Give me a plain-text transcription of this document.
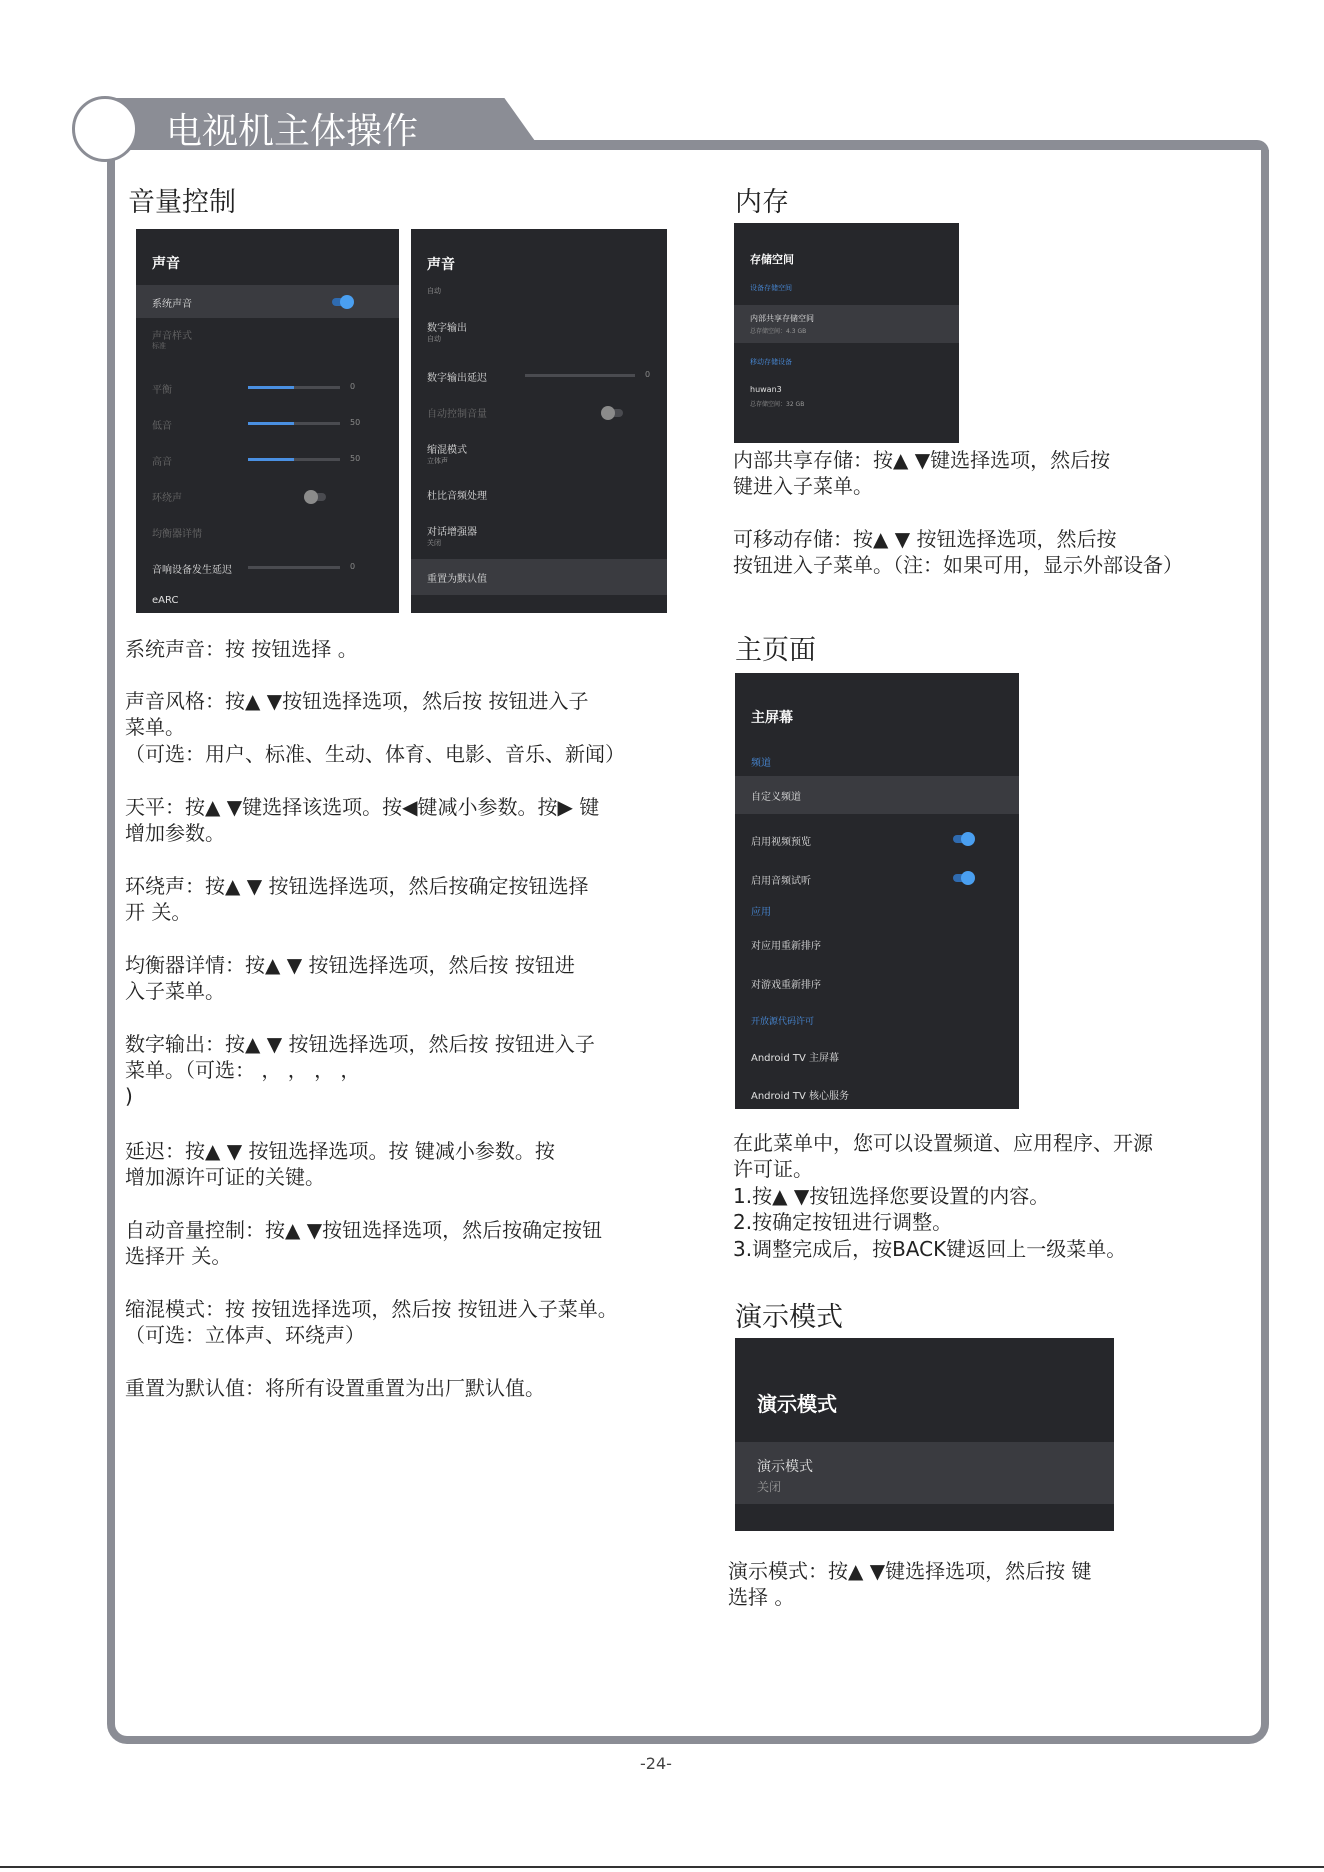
电视机主体操作
音量控制
声音
系统声音
声音样式
标准
平衡	0
低音	50
高音	50
环绕声
均衡器详情
音响设备发生延迟	0
eARC
声音
自动
数字输出
自动
数字输出延迟	0
自动控制音量
缩混模式
立体声
杜比音频处理
对话增强器
关闭
重置为默认值
系统声音：按 按钮选择 。
声音风格：按▲ ▼按钮选择选项，然后按 按钮进入子
菜单。
（可选：用户、标准、生动、体育、电影、音乐、新闻）
天平：按▲ ▼键选择该选项。按◀键减小参数。按▶ 键
增加参数。
环绕声：按▲ ▼ 按钮选择选项，然后按确定按钮选择
开 关。
均衡器详情：按▲ ▼ 按钮选择选项，然后按 按钮进
入子菜单。
数字输出：按▲ ▼ 按钮选择选项，然后按 按钮进入子
菜单。（可选： ， ， ， ，
)
延迟：按▲ ▼ 按钮选择选项。按 键减小参数。按
增加源许可证的关键。
自动音量控制：按▲ ▼按钮选择选项，然后按确定按钮
选择开 关。
缩混模式：按 按钮选择选项，然后按 按钮进入子菜单。
（可选：立体声、环绕声）
重置为默认值：将所有设置重置为出厂默认值。
内存
存储空间
设备存储空间
内部共享存储空间
总存储空间：4.3 GB
移动存储设备
huwan3
总存储空间：32 GB
内部共享存储：按▲ ▼键选择选项，然后按
键进入子菜单。
可移动存储：按▲ ▼ 按钮选择选项，然后按
按钮进入子菜单。（注：如果可用，显示外部设备）
主页面
主屏幕
频道
自定义频道
启用视频预览
启用音频试听
应用
对应用重新排序
对游戏重新排序
开放源代码许可
Android TV 主屏幕
Android TV 核心服务
在此菜单中，您可以设置频道、应用程序、开源
许可证。
1.按▲ ▼按钮选择您要设置的内容。
2.按确定按钮进行调整。
3.调整完成后，按BACK键返回上一级菜单。
演示模式
演示模式
演示模式
关闭
演示模式：按▲ ▼键选择选项，然后按 键
选择 。
-24-
